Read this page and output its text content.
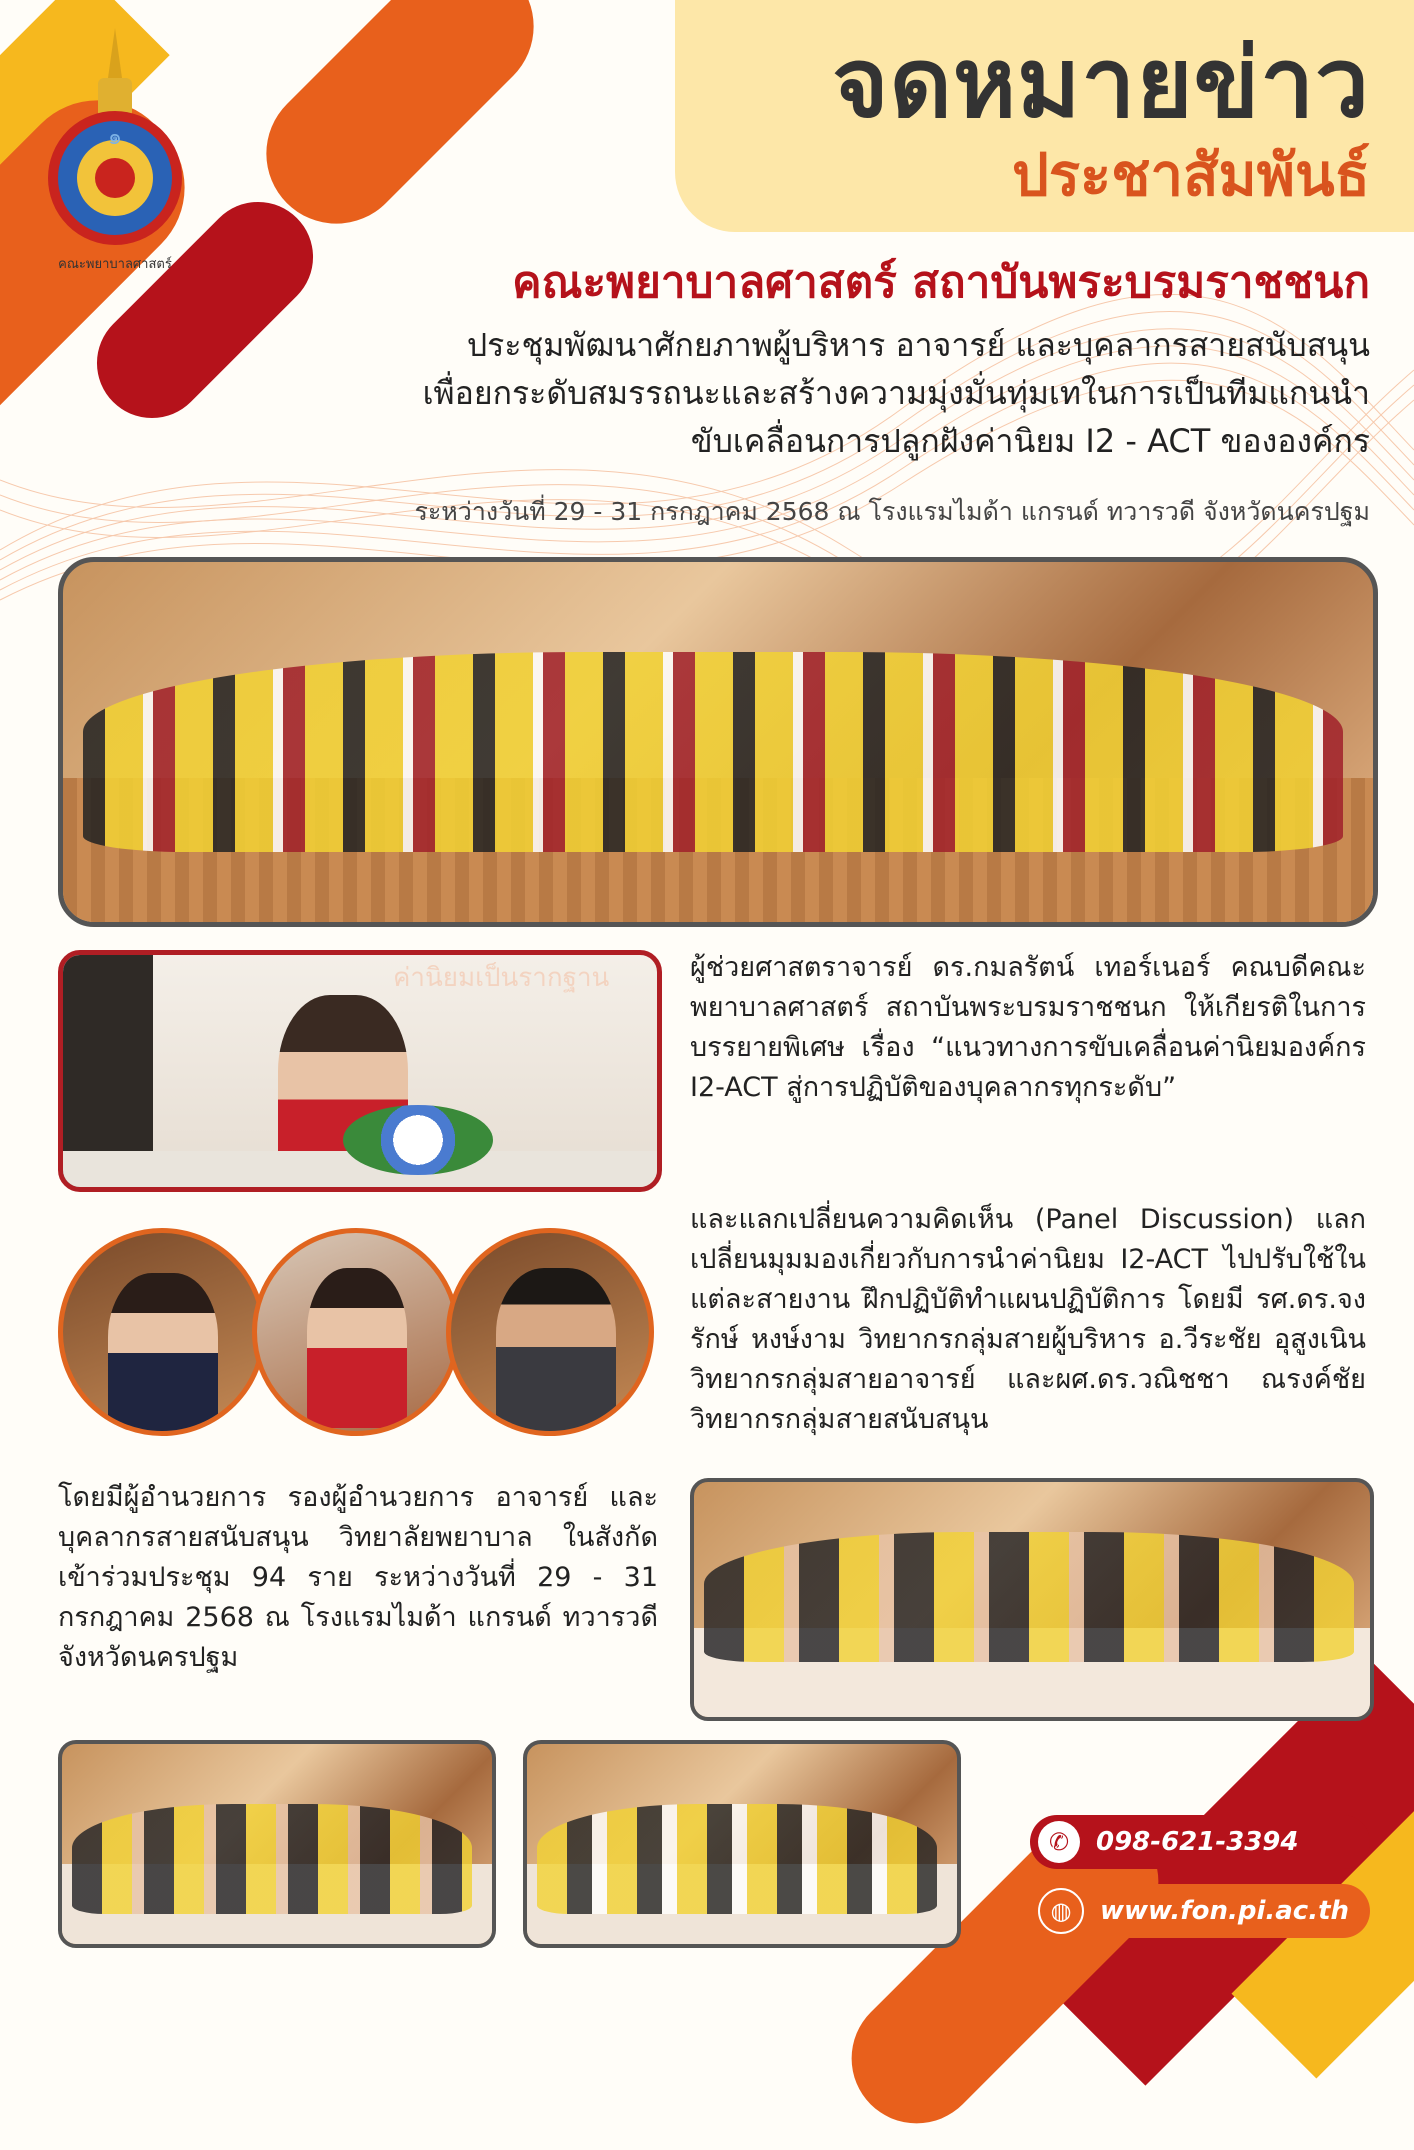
๑
คณะพยาบาลศาสตร์
จดหมายข่าว
ประชาสัมพันธ์
คณะพยาบาลศาสตร์ สถาบันพระบรมราชชนก
ประชุมพัฒนาศักยภาพผู้บริหาร อาจารย์ และบุคลากรสายสนับสนุน
เพื่อยกระดับสมรรถนะและสร้างความมุ่งมั่นทุ่มเทในการเป็นทีมแกนนำ
ขับเคลื่อนการปลูกฝังค่านิยม I2 - ACT ขององค์กร
ระหว่างวันที่ 29 - 31 กรกฎาคม 2568 ณ โรงแรมไมด้า แกรนด์ ทวารวดี จังหวัดนครปฐม
ค่านิยมเป็นรากฐาน	ผู้ช่วยศาสตราจารย์ ดร.กมลรัตน์ เทอร์เนอร์ คณบดีคณะพยาบาลศาสตร์ สถาบันพระบรมราชชนก ให้เกียรติในการบรรยายพิเศษ เรื่อง “แนวทางการขับเคลื่อนค่านิยมองค์กร I2-ACT สู่การปฏิบัติของบุคลากรทุกระดับ”
และแลกเปลี่ยนความคิดเห็น (Panel Discussion) แลกเปลี่ยนมุมมองเกี่ยวกับการนำค่านิยม I2-ACT ไปปรับใช้ในแต่ละสายงาน ฝึกปฏิบัติทำแผนปฏิบัติการ โดยมี รศ.ดร.จงรักษ์ หงษ์งาม วิทยากรกลุ่มสายผู้บริหาร อ.วีระชัย อุสูงเนิน วิทยากรกลุ่มสายอาจารย์ และผศ.ดร.วณิชชา ณรงค์ชัย วิทยากรกลุ่มสายสนับสนุน
โดยมีผู้อำนวยการ รองผู้อำนวยการ อาจารย์ และบุคลากรสายสนับสนุน วิทยาลัยพยาบาล ในสังกัด เข้าร่วมประชุม 94 ราย ระหว่างวันที่ 29 - 31 กรกฎาคม 2568 ณ โรงแรมไมด้า แกรนด์ ทวารวดี จังหวัดนครปฐม
✆	098-621-3394
◍	www.fon.pi.ac.th
